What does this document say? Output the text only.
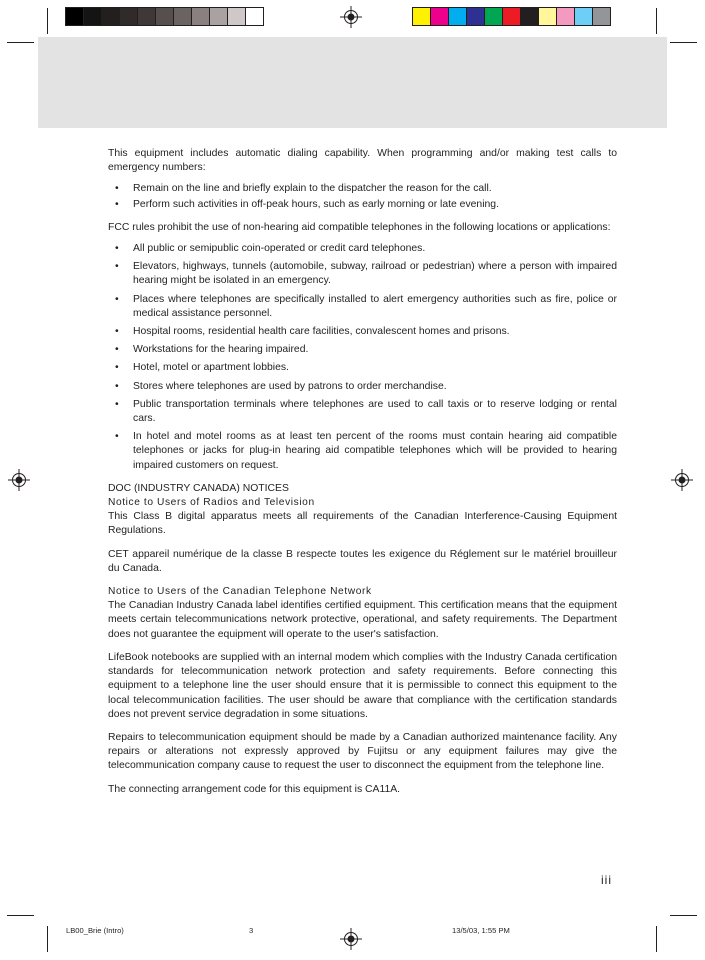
This equipment includes automatic dialing capability. When programming and/or making test calls to emergency numbers:

• Remain on the line and briefly explain to the dispatcher the reason for the call.
• Perform such activities in off-peak hours, such as early morning or late evening.

FCC rules prohibit the use of non-hearing aid compatible telephones in the following locations or applications:

• All public or semipublic coin-operated or credit card telephones.
• Elevators, highways, tunnels (automobile, subway, railroad or pedestrian) where a person with impaired hearing might be isolated in an emergency.
• Places where telephones are specifically installed to alert emergency authorities such as fire, police or medical assistance personnel.
• Hospital rooms, residential health care facilities, convalescent homes and prisons.
• Workstations for the hearing impaired.
• Hotel, motel or apartment lobbies.
• Stores where telephones are used by patrons to order merchandise.
• Public transportation terminals where telephones are used to call taxis or to reserve lodging or rental cars.
• In hotel and motel rooms as at least ten percent of the rooms must contain hearing aid compatible telephones or jacks for plug-in hearing aid compatible telephones which will be provided to hearing impaired customers on request.

DOC (INDUSTRY CANADA) NOTICES

Notice to Users of Radios and Television

This Class B digital apparatus meets all requirements of the Canadian Interference-Causing Equipment Regulations.

CET appareil numérique de la classe B respecte toutes les exigence du Réglement sur le matériel brouilleur du Canada.

Notice to Users of the Canadian Telephone Network

The Canadian Industry Canada label identifies certified equipment. This certification means that the equipment meets certain telecommunications network protective, operational, and safety requirements. The Department does not guarantee the equipment will operate to the user's satisfaction.

LifeBook notebooks are supplied with an internal modem which complies with the Industry Canada certification standards for telecommunication network protection and safety requirements. Before connecting this equipment to a telephone line the user should ensure that it is permissible to connect this equipment to the local telecommunication facilities. The user should be aware that compliance with the certification standards does not prevent service degradation in some situations.

Repairs to telecommunication equipment should be made by a Canadian authorized maintenance facility. Any repairs or alterations not expressly approved by Fujitsu or any equipment failures may give the telecommunication company cause to request the user to disconnect the equipment from the telephone line.

The connecting arrangement code for this equipment is CA11A.

iii
LB00_Brie (Intro)	3	13/5/03, 1:55 PM
